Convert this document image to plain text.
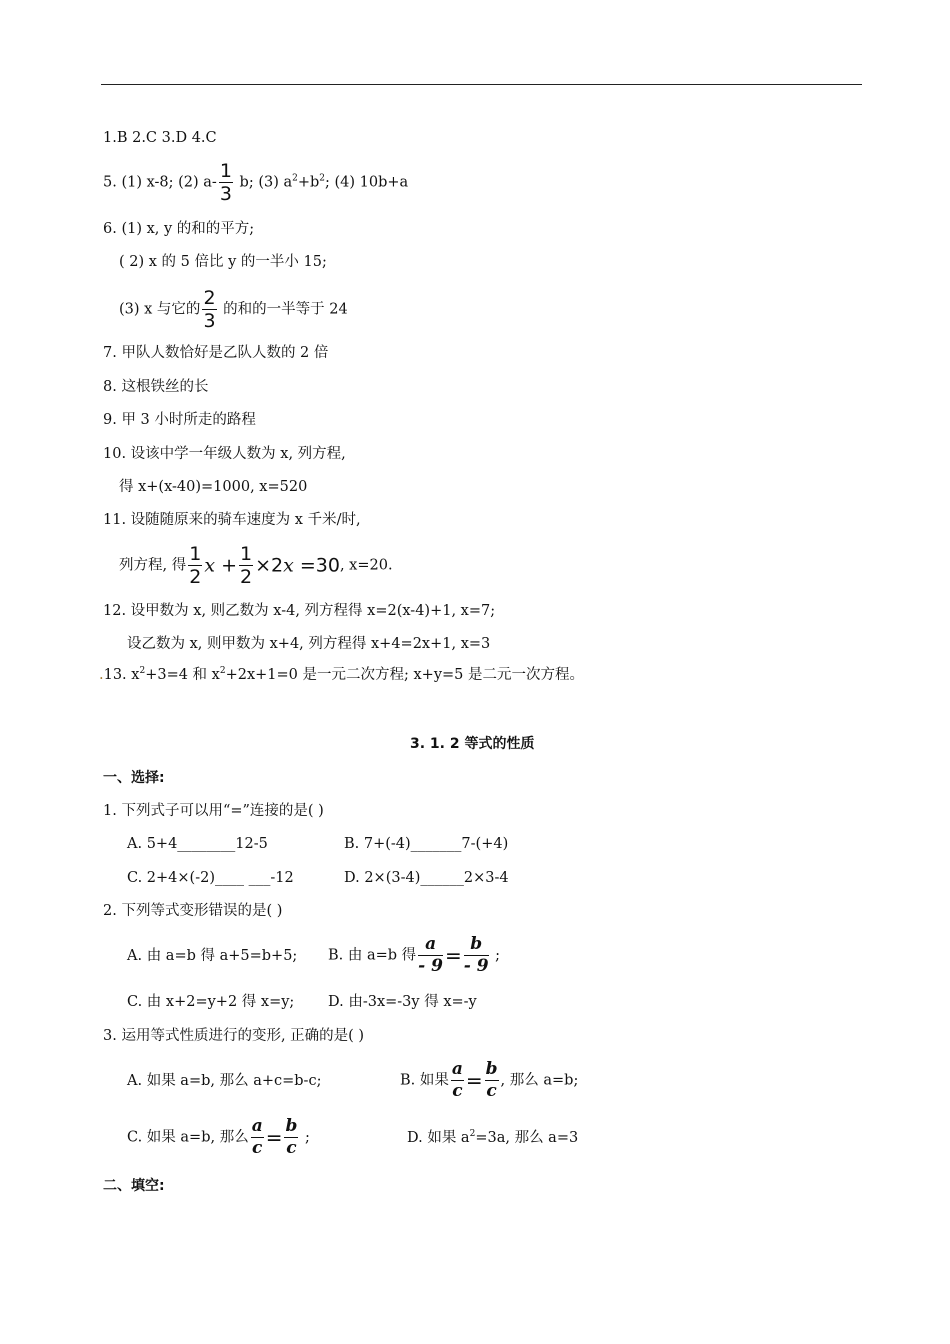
1.B 2.C 3.D 4.C
5. (1) x-8; (2) $a- \frac{1}{3} b$; (3) $a^2+b^2$; (4) 10b+a
6. (1) x, y 的和的平方;
( 2) x 的 5 倍比 y 的一半小 15;
(3) x 与它的 $\frac{2}{3}$ 的和的一半等于 24
7. 甲队人数恰好是乙队人数的 2 倍
8. 这根铁丝的长
9. 甲 3 小时所走的路程
10. 设该中学一年级人数为 x, 列方程,
得 x+(x-40)=1000, x=520
11. 设随随原来的骑车速度为 x 千米/时,
列方程, 得 $\frac{1}{2}$ $x + \frac{1}{2} \times 2x =30$, x=20.
12. 设甲数为 x, 则乙数为 x-4, 列方程得 x=2(x-4)+1, x=7;
设乙数为 x, 则甲数为 x+4, 列方程得 x+4=2x+1, x=3
.13. $x^2+3=4$ 和 $x^2+2x+1=0$ 是一元二次方程; x+y=5 是二元一次方程。
3. 1. 2 等式的性质
一、选择:
1. 下列式子可以用“=”连接的是( )
A. 5+4________12-5	B. 7+(-4)_______7-(+4)
C. 2+4×(-2)____ ___-12	D. 2×(3-4)______2×3-4
2. 下列等式变形错误的是( )
A. 由 a=b 得 a+5=b+5; B. 由 a=b 得 $\frac{a}{- 9} = \frac{b}{- 9}$ ;
C. 由 x+2=y+2 得 x=y; D. 由-3x=-3y 得 x=-y
3. 运用等式性质进行的变形, 正确的是( )
A. 如果 a=b, 那么 a+c=b-c;	B. 如果 $\frac{a}{c} = \frac{b}{c}$ , 那么 a=b;
C. 如果 a=b, 那么 $\frac{a}{c} = \frac{b}{c}$ ;	D. 如果 $a^2=3a$, 那么 a=3
二、填空:
